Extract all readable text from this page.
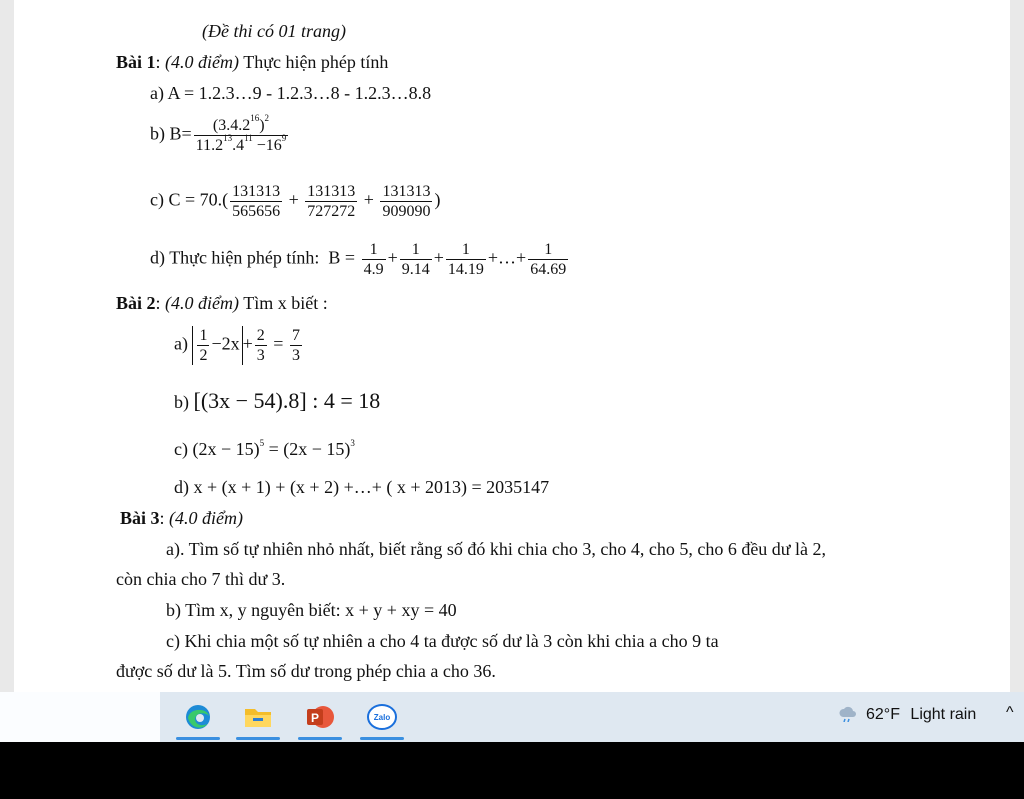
(Đề thi có 01 trang)
Bài 1: (4.0 điểm) Thực hiện phép tính
a) A = 1.2.3…9 - 1.2.3…8 - 1.2.3…8.8
b) $B= \frac{(3.4.2^{16})^2}{11.2^{13}.4^{11} -16^9}$
c) $C = 70.( \frac{131313}{565656} + \frac{131313}{727272} + \frac{131313}{909090}$ )
d) Thực hiện phép tính: $B = \frac{1}{4.9} + \frac{1}{9.14} + \frac{1}{14.19}$ +…+ $\frac{1}{64.69}$
Bài 2: (4.0 điểm) Tìm x biết :
$a) \frac{1}{2} -2x + \frac{2}{3} = \frac{7}{3}$
b) [(3x − 54).8] : 4 = 18
c) $(2x - 15)^5 = (2x - 15)^3$
d) x + (x + 1) + (x + 2) +…+ ( x + 2013) = 2035147
Bài 3: (4.0 điểm)
a). Tìm số tự nhiên nhỏ nhất, biết rằng số đó khi chia cho 3, cho 4, cho 5, cho 6 đều dư là 2,
còn chia cho 7 thì dư 3.
b) Tìm x, y nguyên biết: x + y + xy = 40
c) Khi chia một số tự nhiên a cho 4 ta được số dư là 3 còn khi chia a cho 9 ta
được số dư là 5. Tìm số dư trong phép chia a cho 36.
P	Zalo	62°F Light rain ^
